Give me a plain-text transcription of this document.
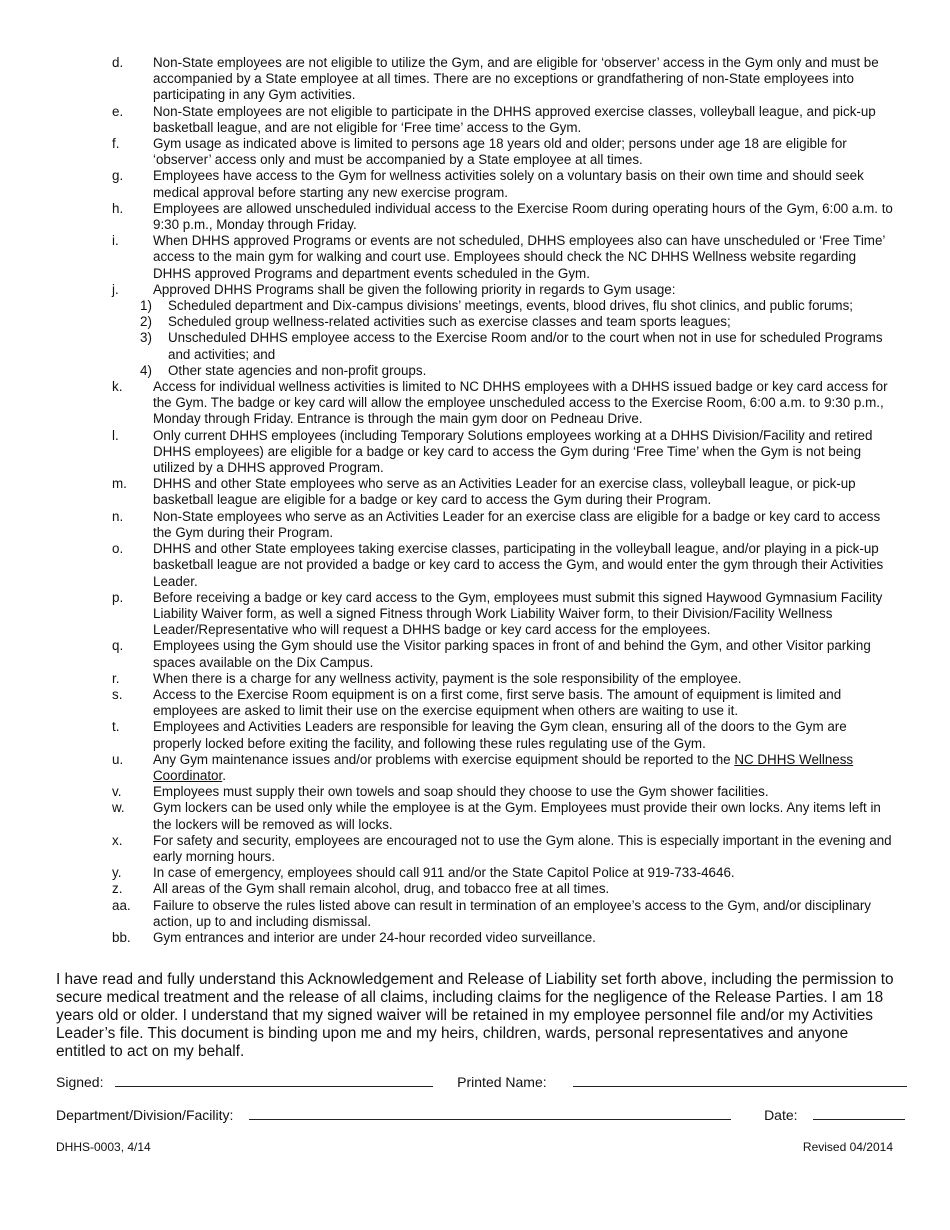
d.	Non-State employees are not eligible to utilize the Gym, and are eligible for ‘observer’ access in the Gym only and must be accompanied by a State employee at all times. There are no exceptions or grandfathering of non-State employees into participating in any Gym activities.
e.	Non-State employees are not eligible to participate in the DHHS approved exercise classes, volleyball league, and pick-up basketball league, and are not eligible for ‘Free time’ access to the Gym.
f.	Gym usage as indicated above is limited to persons age 18 years old and older; persons under age 18 are eligible for ‘observer’ access only and must be accompanied by a State employee at all times.
g.	Employees have access to the Gym for wellness activities solely on a voluntary basis on their own time and should seek medical approval before starting any new exercise program.
h.	Employees are allowed unscheduled individual access to the Exercise Room during operating hours of the Gym, 6:00 a.m. to 9:30 p.m., Monday through Friday.
i.	When DHHS approved Programs or events are not scheduled, DHHS employees also can have unscheduled or ‘Free Time’ access to the main gym for walking and court use. Employees should check the NC DHHS Wellness website regarding DHHS approved Programs and department events scheduled in the Gym.
j.	Approved DHHS Programs shall be given the following priority in regards to Gym usage:
1)	Scheduled department and Dix-campus divisions’ meetings, events, blood drives, flu shot clinics, and public forums;
2)	Scheduled group wellness-related activities such as exercise classes and team sports leagues;
3)	Unscheduled DHHS employee access to the Exercise Room and/or to the court when not in use for scheduled Programs and activities; and
4)	Other state agencies and non-profit groups.
k.	Access for individual wellness activities is limited to NC DHHS employees with a DHHS issued badge or key card access for the Gym. The badge or key card will allow the employee unscheduled access to the Exercise Room, 6:00 a.m. to 9:30 p.m., Monday through Friday. Entrance is through the main gym door on Pedneau Drive.
l.	Only current DHHS employees (including Temporary Solutions employees working at a DHHS Division/Facility and retired DHHS employees) are eligible for a badge or key card to access the Gym during ‘Free Time’ when the Gym is not being utilized by a DHHS approved Program.
m.	DHHS and other State employees who serve as an Activities Leader for an exercise class, volleyball league, or pick-up basketball league are eligible for a badge or key card to access the Gym during their Program.
n.	Non-State employees who serve as an Activities Leader for an exercise class are eligible for a badge or key card to access the Gym during their Program.
o.	DHHS and other State employees taking exercise classes, participating in the volleyball league, and/or playing in a pick-up basketball league are not provided a badge or key card to access the Gym, and would enter the gym through their Activities Leader.
p.	Before receiving a badge or key card access to the Gym, employees must submit this signed Haywood Gymnasium Facility Liability Waiver form, as well a signed Fitness through Work Liability Waiver form, to their Division/Facility Wellness Leader/Representative who will request a DHHS badge or key card access for the employees.
q.	Employees using the Gym should use the Visitor parking spaces in front of and behind the Gym, and other Visitor parking spaces available on the Dix Campus.
r.	When there is a charge for any wellness activity, payment is the sole responsibility of the employee.
s.	Access to the Exercise Room equipment is on a first come, first serve basis. The amount of equipment is limited and employees are asked to limit their use on the exercise equipment when others are waiting to use it.
t.	Employees and Activities Leaders are responsible for leaving the Gym clean, ensuring all of the doors to the Gym are properly locked before exiting the facility, and following these rules regulating use of the Gym.
u.	Any Gym maintenance issues and/or problems with exercise equipment should be reported to the NC DHHS Wellness Coordinator.
v.	Employees must supply their own towels and soap should they choose to use the Gym shower facilities.
w.	Gym lockers can be used only while the employee is at the Gym. Employees must provide their own locks. Any items left in the lockers will be removed as will locks.
x.	For safety and security, employees are encouraged not to use the Gym alone. This is especially important in the evening and early morning hours.
y.	In case of emergency, employees should call 911 and/or the State Capitol Police at 919-733-4646.
z.	All areas of the Gym shall remain alcohol, drug, and tobacco free at all times.
aa.	Failure to observe the rules listed above can result in termination of an employee’s access to the Gym, and/or disciplinary action, up to and including dismissal.
bb.	Gym entrances and interior are under 24-hour recorded video surveillance.
I have read and fully understand this Acknowledgement and Release of Liability set forth above, including the permission to secure medical treatment and the release of all claims, including claims for the negligence of the Release Parties. I am 18 years old or older. I understand that my signed waiver will be retained in my employee personnel file and/or my Activities Leader’s file. This document is binding upon me and my heirs, children, wards, personal representatives and anyone entitled to act on my behalf.
Signed:	Printed Name:
Department/Division/Facility:	Date:
DHHS-0003, 4/14	Revised 04/2014
